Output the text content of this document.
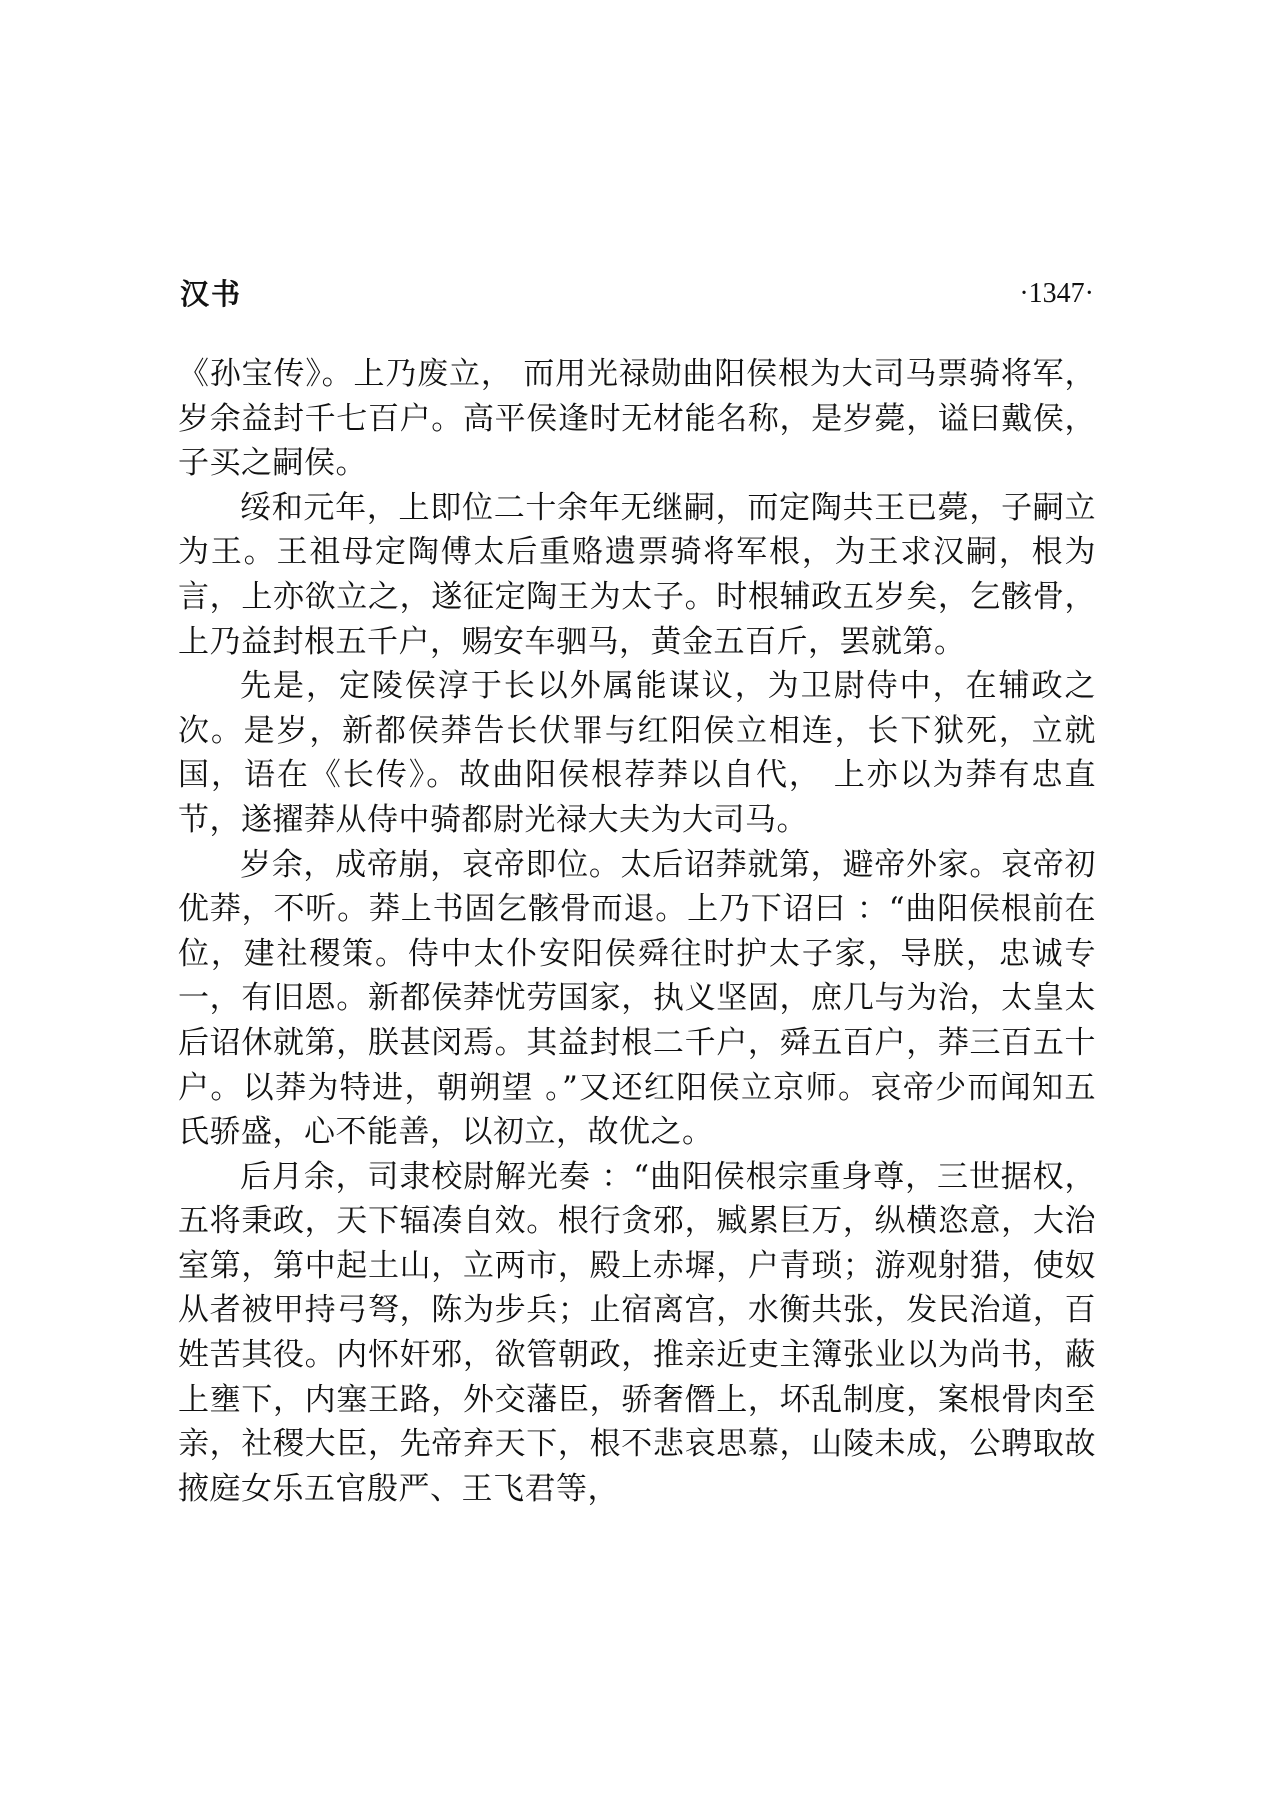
汉书	·1347·

《孙宝传》。上乃废立， 而用光禄勋曲阳侯根为大司马票骑将军，岁余益封千七百户。高平侯逢时无材能名称，是岁薨，谥曰戴侯，子买之嗣侯。

绥和元年，上即位二十余年无继嗣，而定陶共王已薨，子嗣立为王。王祖母定陶傅太后重赂遗票骑将军根，为王求汉嗣，根为言，上亦欲立之，遂征定陶王为太子。时根辅政五岁矣，乞骸骨，上乃益封根五千户，赐安车驷马，黄金五百斤，罢就第。

先是，定陵侯淳于长以外属能谋议，为卫尉侍中，在辅政之次。是岁，新都侯莽告长伏罪与红阳侯立相连，长下狱死，立就国，语在《长传》。故曲阳侯根荐莽以自代， 上亦以为莽有忠直节，遂擢莽从侍中骑都尉光禄大夫为大司马。

岁余，成帝崩，哀帝即位。太后诏莽就第，避帝外家。哀帝初优莽，不听。莽上书固乞骸骨而退。上乃下诏曰 ：“曲阳侯根前在位，建社稷策。侍中太仆安阳侯舜往时护太子家，导朕，忠诚专一，有旧恩。新都侯莽忧劳国家，执义坚固，庶几与为治，太皇太后诏休就第，朕甚闵焉。其益封根二千户，舜五百户，莽三百五十户。以莽为特进，朝朔望 。”又还红阳侯立京师。哀帝少而闻知五氏骄盛，心不能善，以初立，故优之。

后月余，司隶校尉解光奏 ：“曲阳侯根宗重身尊，三世据权，五将秉政，天下辐凑自效。根行贪邪，臧累巨万，纵横恣意，大治室第，第中起土山，立两市，殿上赤墀，户青琐；游观射猎，使奴从者被甲持弓弩，陈为步兵；止宿离宫，水衡共张，发民治道，百姓苦其役。内怀奸邪，欲管朝政，推亲近吏主簿张业以为尚书，蔽上壅下，内塞王路，外交藩臣，骄奢僭上，坏乱制度，案根骨肉至亲，社稷大臣，先帝弃天下，根不悲哀思慕，山陵未成，公聘取故掖庭女乐五官殷严、王飞君等，
